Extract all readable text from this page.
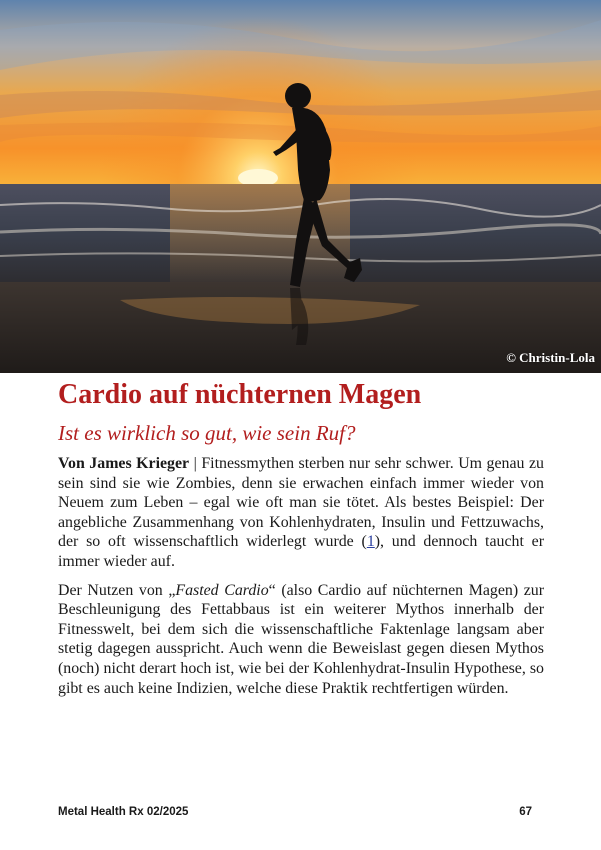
© Christin-Lola
Cardio auf nüchternen Magen
Ist es wirklich so gut, wie sein Ruf?

Von James Krieger | Fitnessmythen sterben nur sehr schwer. Um genau zu sein sind sie wie Zombies, denn sie erwachen einfach immer wieder von Neuem zum Leben – egal wie oft man sie tötet. Als bestes Beispiel: Der angebliche Zusammenhang von Kohlenhydraten, Insulin und Fettzuwachs, der so oft wissenschaftlich widerlegt wurde (1), und dennoch taucht er immer wieder auf.

Der Nutzen von „Fasted Cardio“ (also Cardio auf nüchternen Magen) zur Beschleunigung des Fettabbaus ist ein weiterer Mythos innerhalb der Fitnesswelt, bei dem sich die wissenschaftliche Faktenlage langsam aber stetig dagegen ausspricht. Auch wenn die Beweislast gegen diesen Mythos (noch) nicht derart hoch ist, wie bei der Kohlenhydrat-Insulin Hypothese, so gibt es auch keine Indizien, welche diese Praktik rechtfertigen würden.

Metal Health Rx 02/2025	67
